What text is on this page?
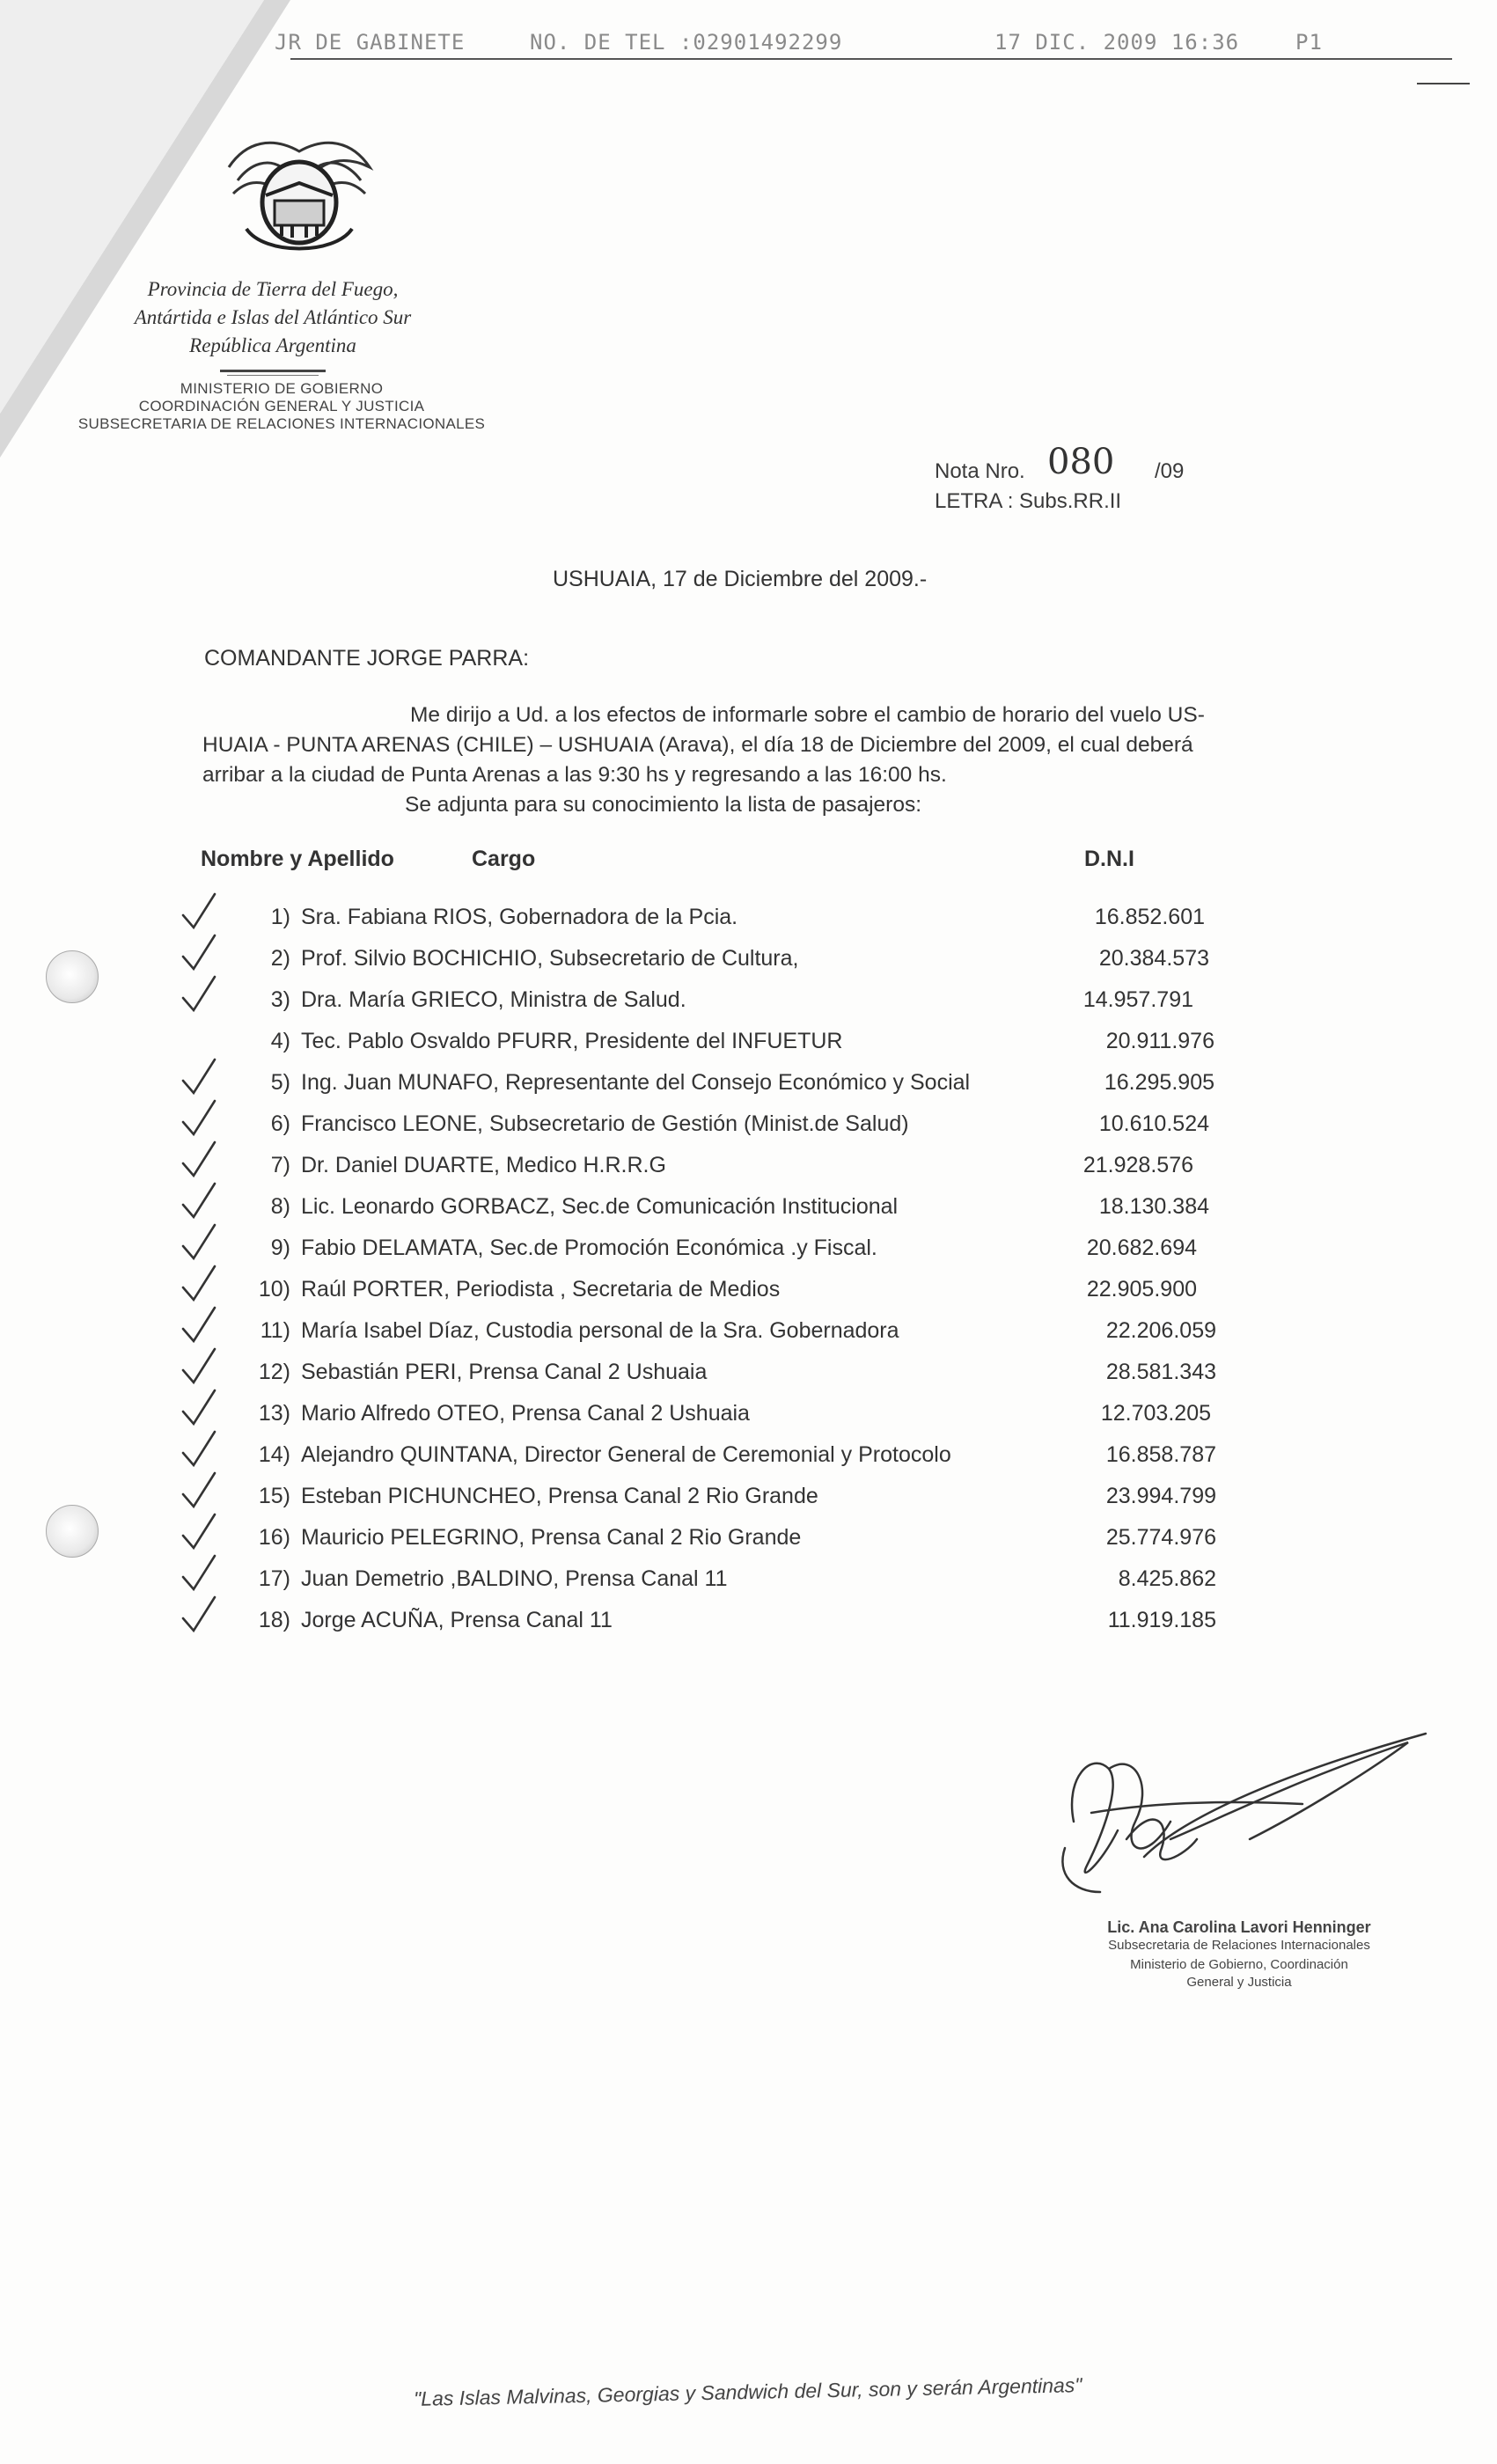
JR DE GABINETE	NO. DE TEL :02901492299	17 DIC. 2009 16:36	P1
Provincia de Tierra del Fuego,
Antártida e Islas del Atlántico Sur
República Argentina
MINISTERIO DE GOBIERNO
COORDINACIÓN GENERAL Y JUSTICIA
SUBSECRETARIA DE RELACIONES INTERNACIONALES
Nota Nro. 080 /09
LETRA : Subs.RR.II
USHUAIA, 17 de Diciembre del 2009.-
COMANDANTE JORGE PARRA:
Me dirijo a Ud. a los efectos de informarle sobre el cambio de horario del vuelo US-
HUAIA - PUNTA ARENAS (CHILE) – USHUAIA (Arava), el día 18 de Diciembre del 2009, el cual deberá
arribar a la ciudad de Punta Arenas a las 9:30 hs y regresando a las 16:00 hs.
Se adjunta para su conocimiento la lista de pasajeros:
Nombre y Apellido	Cargo	D.N.I
1) Sra. Fabiana RIOS, Gobernadora de la Pcia.	16.852.601
2) Prof. Silvio BOCHICHIO, Subsecretario de Cultura,	20.384.573
3) Dra. María GRIECO, Ministra de Salud.	14.957.791
4) Tec. Pablo Osvaldo PFURR, Presidente del INFUETUR	20.911.976
5) Ing. Juan MUNAFO, Representante del Consejo Económico y Social	16.295.905
6) Francisco LEONE, Subsecretario de Gestión (Minist.de Salud)	10.610.524
7) Dr. Daniel DUARTE, Medico H.R.R.G	21.928.576
8) Lic. Leonardo GORBACZ, Sec.de Comunicación Institucional	18.130.384
9) Fabio DELAMATA, Sec.de Promoción Económica .y Fiscal.	20.682.694
10) Raúl PORTER, Periodista , Secretaria de Medios	22.905.900
11) María Isabel Díaz, Custodia personal de la Sra. Gobernadora	22.206.059
12) Sebastián PERI, Prensa Canal 2 Ushuaia	28.581.343
13) Mario Alfredo OTEO, Prensa Canal 2 Ushuaia	12.703.205
14) Alejandro QUINTANA, Director General de Ceremonial y Protocolo	16.858.787
15) Esteban PICHUNCHEO, Prensa Canal 2 Rio Grande	23.994.799
16) Mauricio PELEGRINO, Prensa Canal 2 Rio Grande	25.774.976
17) Juan Demetrio ,BALDINO, Prensa Canal 11	8.425.862
18) Jorge ACUÑA, Prensa Canal 11	11.919.185
Lic. Ana Carolina Lavori Henninger
Subsecretaria de Relaciones Internacionales
Ministerio de Gobierno, Coordinación
General y Justicia
"Las Islas Malvinas, Georgias y Sandwich del Sur, son y serán Argentinas"
